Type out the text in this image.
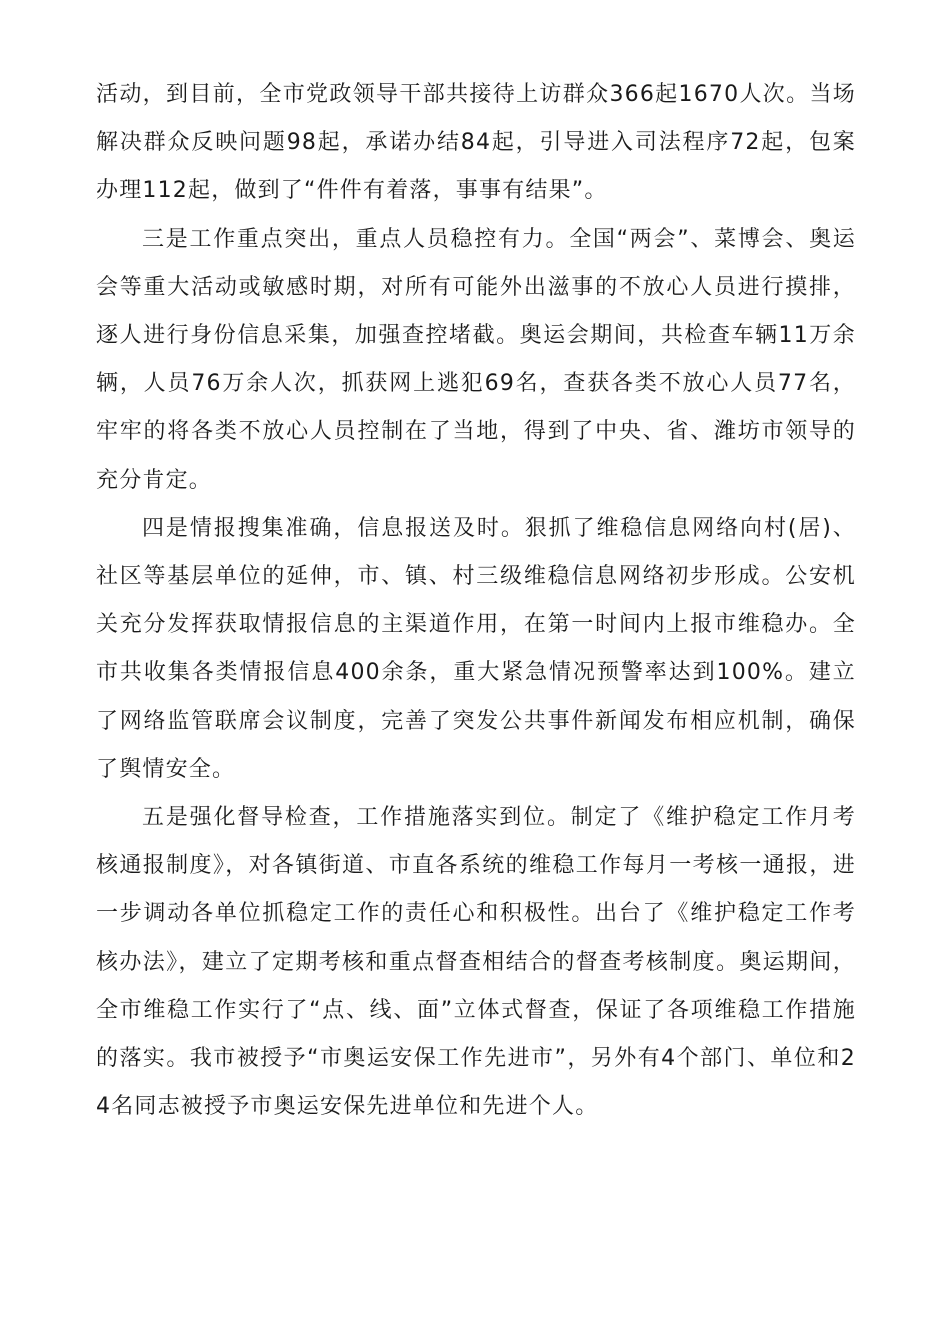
活动，到目前，全市党政领导干部共接待上访群众366起1670人次。当场解决群众反映问题98起，承诺办结84起，引导进入司法程序72起，包案办理112起，做到了“件件有着落，事事有结果”。

三是工作重点突出，重点人员稳控有力。全国“两会”、菜博会、奥运会等重大活动或敏感时期，对所有可能外出滋事的不放心人员进行摸排，逐人进行身份信息采集，加强查控堵截。奥运会期间，共检查车辆11万余辆，人员76万余人次，抓获网上逃犯69名，查获各类不放心人员77名，牢牢的将各类不放心人员控制在了当地，得到了中央、省、潍坊市领导的充分肯定。

四是情报搜集准确，信息报送及时。狠抓了维稳信息网络向村(居)、社区等基层单位的延伸，市、镇、村三级维稳信息网络初步形成。公安机关充分发挥获取情报信息的主渠道作用，在第一时间内上报市维稳办。全市共收集各类情报信息400余条，重大紧急情况预警率达到100%。建立了网络监管联席会议制度，完善了突发公共事件新闻发布相应机制，确保了舆情安全。

五是强化督导检查，工作措施落实到位。制定了《维护稳定工作月考核通报制度》，对各镇街道、市直各系统的维稳工作每月一考核一通报，进一步调动各单位抓稳定工作的责任心和积极性。出台了《维护稳定工作考核办法》，建立了定期考核和重点督查相结合的督查考核制度。奥运期间，全市维稳工作实行了“点、线、面”立体式督查，保证了各项维稳工作措施的落实。我市被授予“市奥运安保工作先进市”，另外有4个部门、单位和24名同志被授予市奥运安保先进单位和先进个人。
